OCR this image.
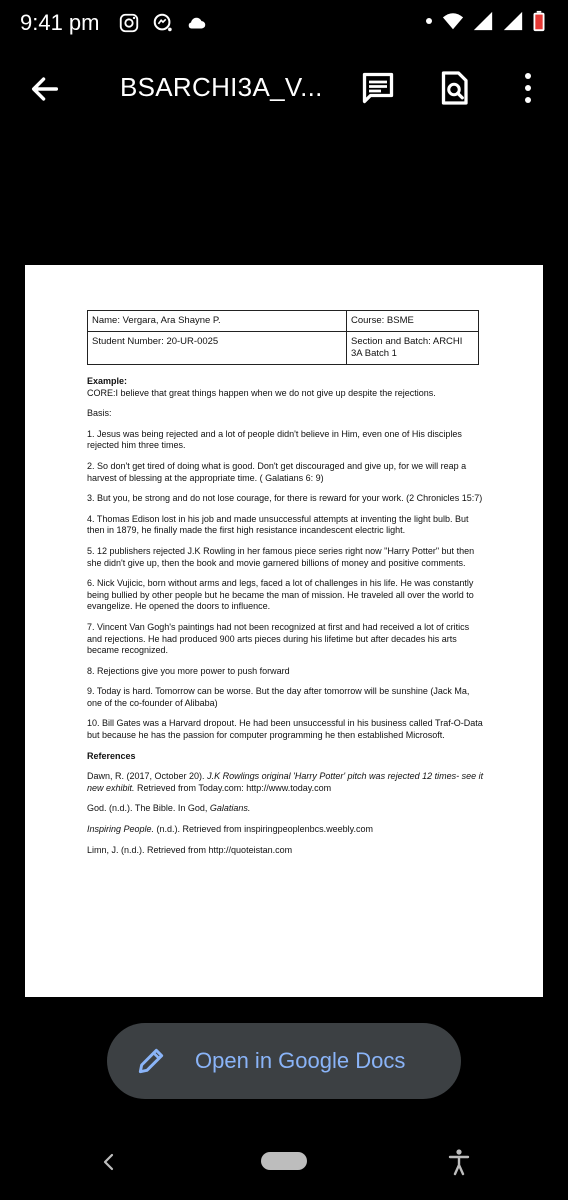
9:41 pm
BSARCHI3A_V...
Name: Vergara, Ara Shayne P.	Course: BSME
Student Number: 20-UR-0025	Section and Batch: ARCHI 3A Batch 1

Example:

CORE:I believe that great things happen when we do not give up despite the rejections.

Basis:

1. Jesus was being rejected and a lot of people didn't believe in Him, even one of His disciples rejected him three times.

2. So don't get tired of doing what is good. Don't get discouraged and give up, for we will reap a harvest of blessing at the appropriate time. ( Galatians 6: 9)

3. But you, be strong and do not lose courage, for there is reward for your work. (2 Chronicles 15:7)

4. Thomas Edison lost in his job and made unsuccessful attempts at inventing the light bulb. But then in 1879, he finally made the first high resistance incandescent electric light.

5. 12 publishers rejected J.K Rowling in her famous piece series right now "Harry Potter" but then she didn't give up, then the book and movie garnered billions of money and positive comments.

6. Nick Vujicic, born without arms and legs, faced a lot of challenges in his life. He was constantly being bullied by other people but he became the man of mission. He traveled all over the world to evangelize. He opened the doors to influence.

7. Vincent Van Gogh's paintings had not been recognized at first and had received a lot of critics and rejections. He had produced 900 arts pieces during his lifetime but after decades his arts became recognized.

8. Rejections give you more power to push forward

9. Today is hard. Tomorrow can be worse. But the day after tomorrow will be sunshine (Jack Ma, one of the co-founder of Alibaba)

10. Bill Gates was a Harvard dropout. He had been unsuccessful in his business called Traf-O-Data but because he has the passion for computer programming he then established Microsoft.

References

Dawn, R. (2017, October 20). J.K Rowlings original 'Harry Potter' pitch was rejected 12 times- see it new exhibit. Retrieved from Today.com: http://www.today.com

God. (n.d.). The Bible. In God, Galatians.

Inspiring People. (n.d.). Retrieved from inspiringpeoplenbcs.weebly.com

Limn, J. (n.d.). Retrieved from http://quoteistan.com

Open in Google Docs
